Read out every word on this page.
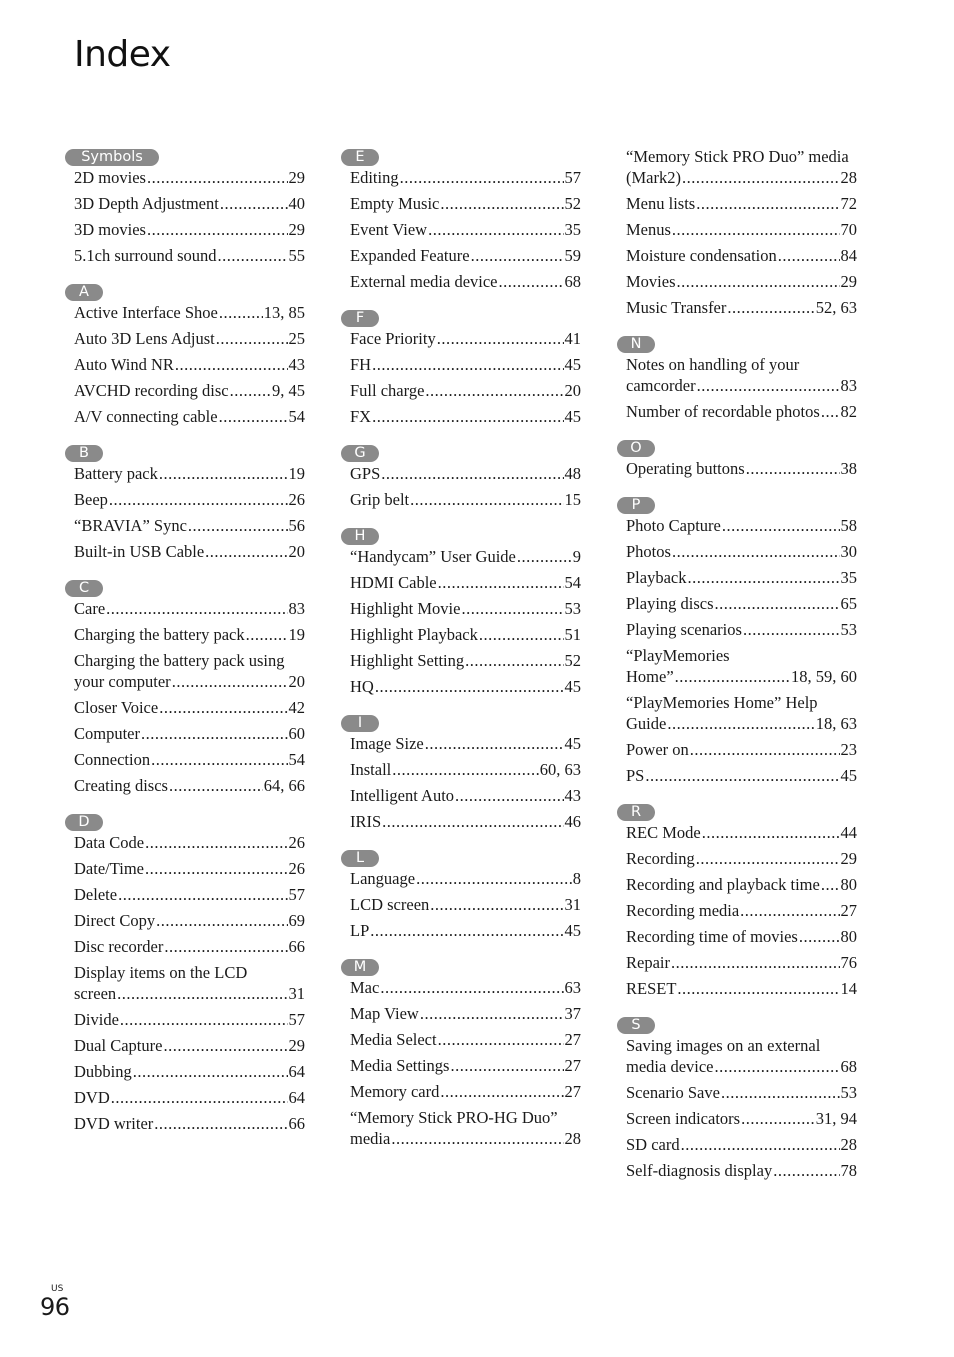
Index
Symbols
2D movies .....	29
3D Depth Adjustment .....	40
3D movies .....	29
5.1ch surround sound .....	55
A
Active Interface Shoe .....	13, 85
Auto 3D Lens Adjust .....	25
Auto Wind NR .....	43
AVCHD recording disc .....	9, 45
A/V connecting cable .....	54
B
Battery pack .....	19
Beep .....	26
“BRAVIA” Sync .....	56
Built-in USB Cable .....	20
C
Care .....	83
Charging the battery pack .....	19
Charging the battery pack using
your computer .....	20
Closer Voice .....	42
Computer .....	60
Connection .....	54
Creating discs .....	64, 66
D
Data Code .....	26
Date/Time .....	26
Delete .....	57
Direct Copy .....	69
Disc recorder .....	66
Display items on the LCD
screen .....	31
Divide .....	57
Dual Capture .....	29
Dubbing .....	64
DVD .....	64
DVD writer .....	66
E
Editing .....	57
Empty Music .....	52
Event View .....	35
Expanded Feature .....	59
External media device .....	68
F
Face Priority .....	41
FH .....	45
Full charge .....	20
FX .....	45
G
GPS .....	48
Grip belt .....	15
H
“Handycam” User Guide .....	9
HDMI Cable .....	54
Highlight Movie .....	53
Highlight Playback .....	51
Highlight Setting .....	52
HQ .....	45
I
Image Size .....	45
Install .....	60, 63
Intelligent Auto .....	43
IRIS .....	46
L
Language .....	8
LCD screen .....	31
LP .....	45
M
Mac .....	63
Map View .....	37
Media Select .....	27
Media Settings .....	27
Memory card .....	27
“Memory Stick PRO-HG Duo”
media .....	28
“Memory Stick PRO Duo” media
(Mark2) .....	28
Menu lists .....	72
Menus .....	70
Moisture condensation .....	84
Movies .....	29
Music Transfer .....	52, 63
N
Notes on handling of your
camcorder .....	83
Number of recordable photos ..... 82
O
Operating buttons .....	38
P
Photo Capture .....	58
Photos .....	30
Playback .....	35
Playing discs .....	65
Playing scenarios .....	53
“PlayMemories
Home” .....	18, 59, 60
“PlayMemories Home” Help
Guide .....	18, 63
Power on .....	23
PS .....	45
R
REC Mode .....	44
Recording .....	29
Recording and playback time ..... 80
Recording media .....	27
Recording time of movies .....	80
Repair .....	76
RESET .....	14
S
Saving images on an external
media device .....	68
Scenario Save .....	53
Screen indicators .....	31, 94
SD card .....	28
Self-diagnosis display .....	78
US
96
